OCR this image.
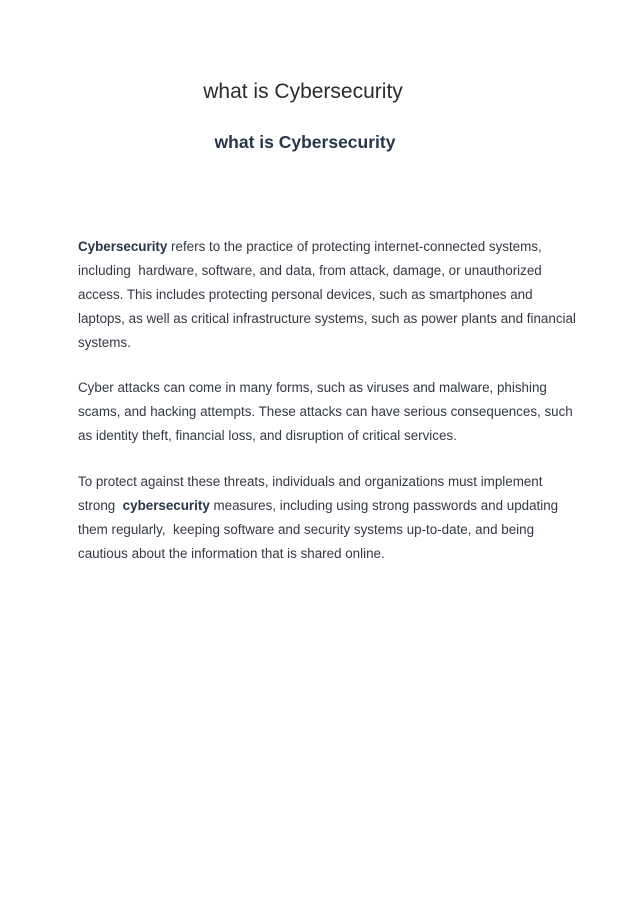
what is Cybersecurity
what is Cybersecurity

Cybersecurity refers to the practice of protecting internet-connected systems,
including  hardware, software, and data, from attack, damage, or unauthorized
access. This includes protecting personal devices, such as smartphones and
laptops, as well as critical infrastructure systems, such as power plants and financial
systems.

Cyber attacks can come in many forms, such as viruses and malware, phishing
scams, and hacking attempts. These attacks can have serious consequences, such
as identity theft, financial loss, and disruption of critical services.

To protect against these threats, individuals and organizations must implement
strong  cybersecurity measures, including using strong passwords and updating
them regularly,  keeping software and security systems up-to-date, and being
cautious about the information that is shared online.
